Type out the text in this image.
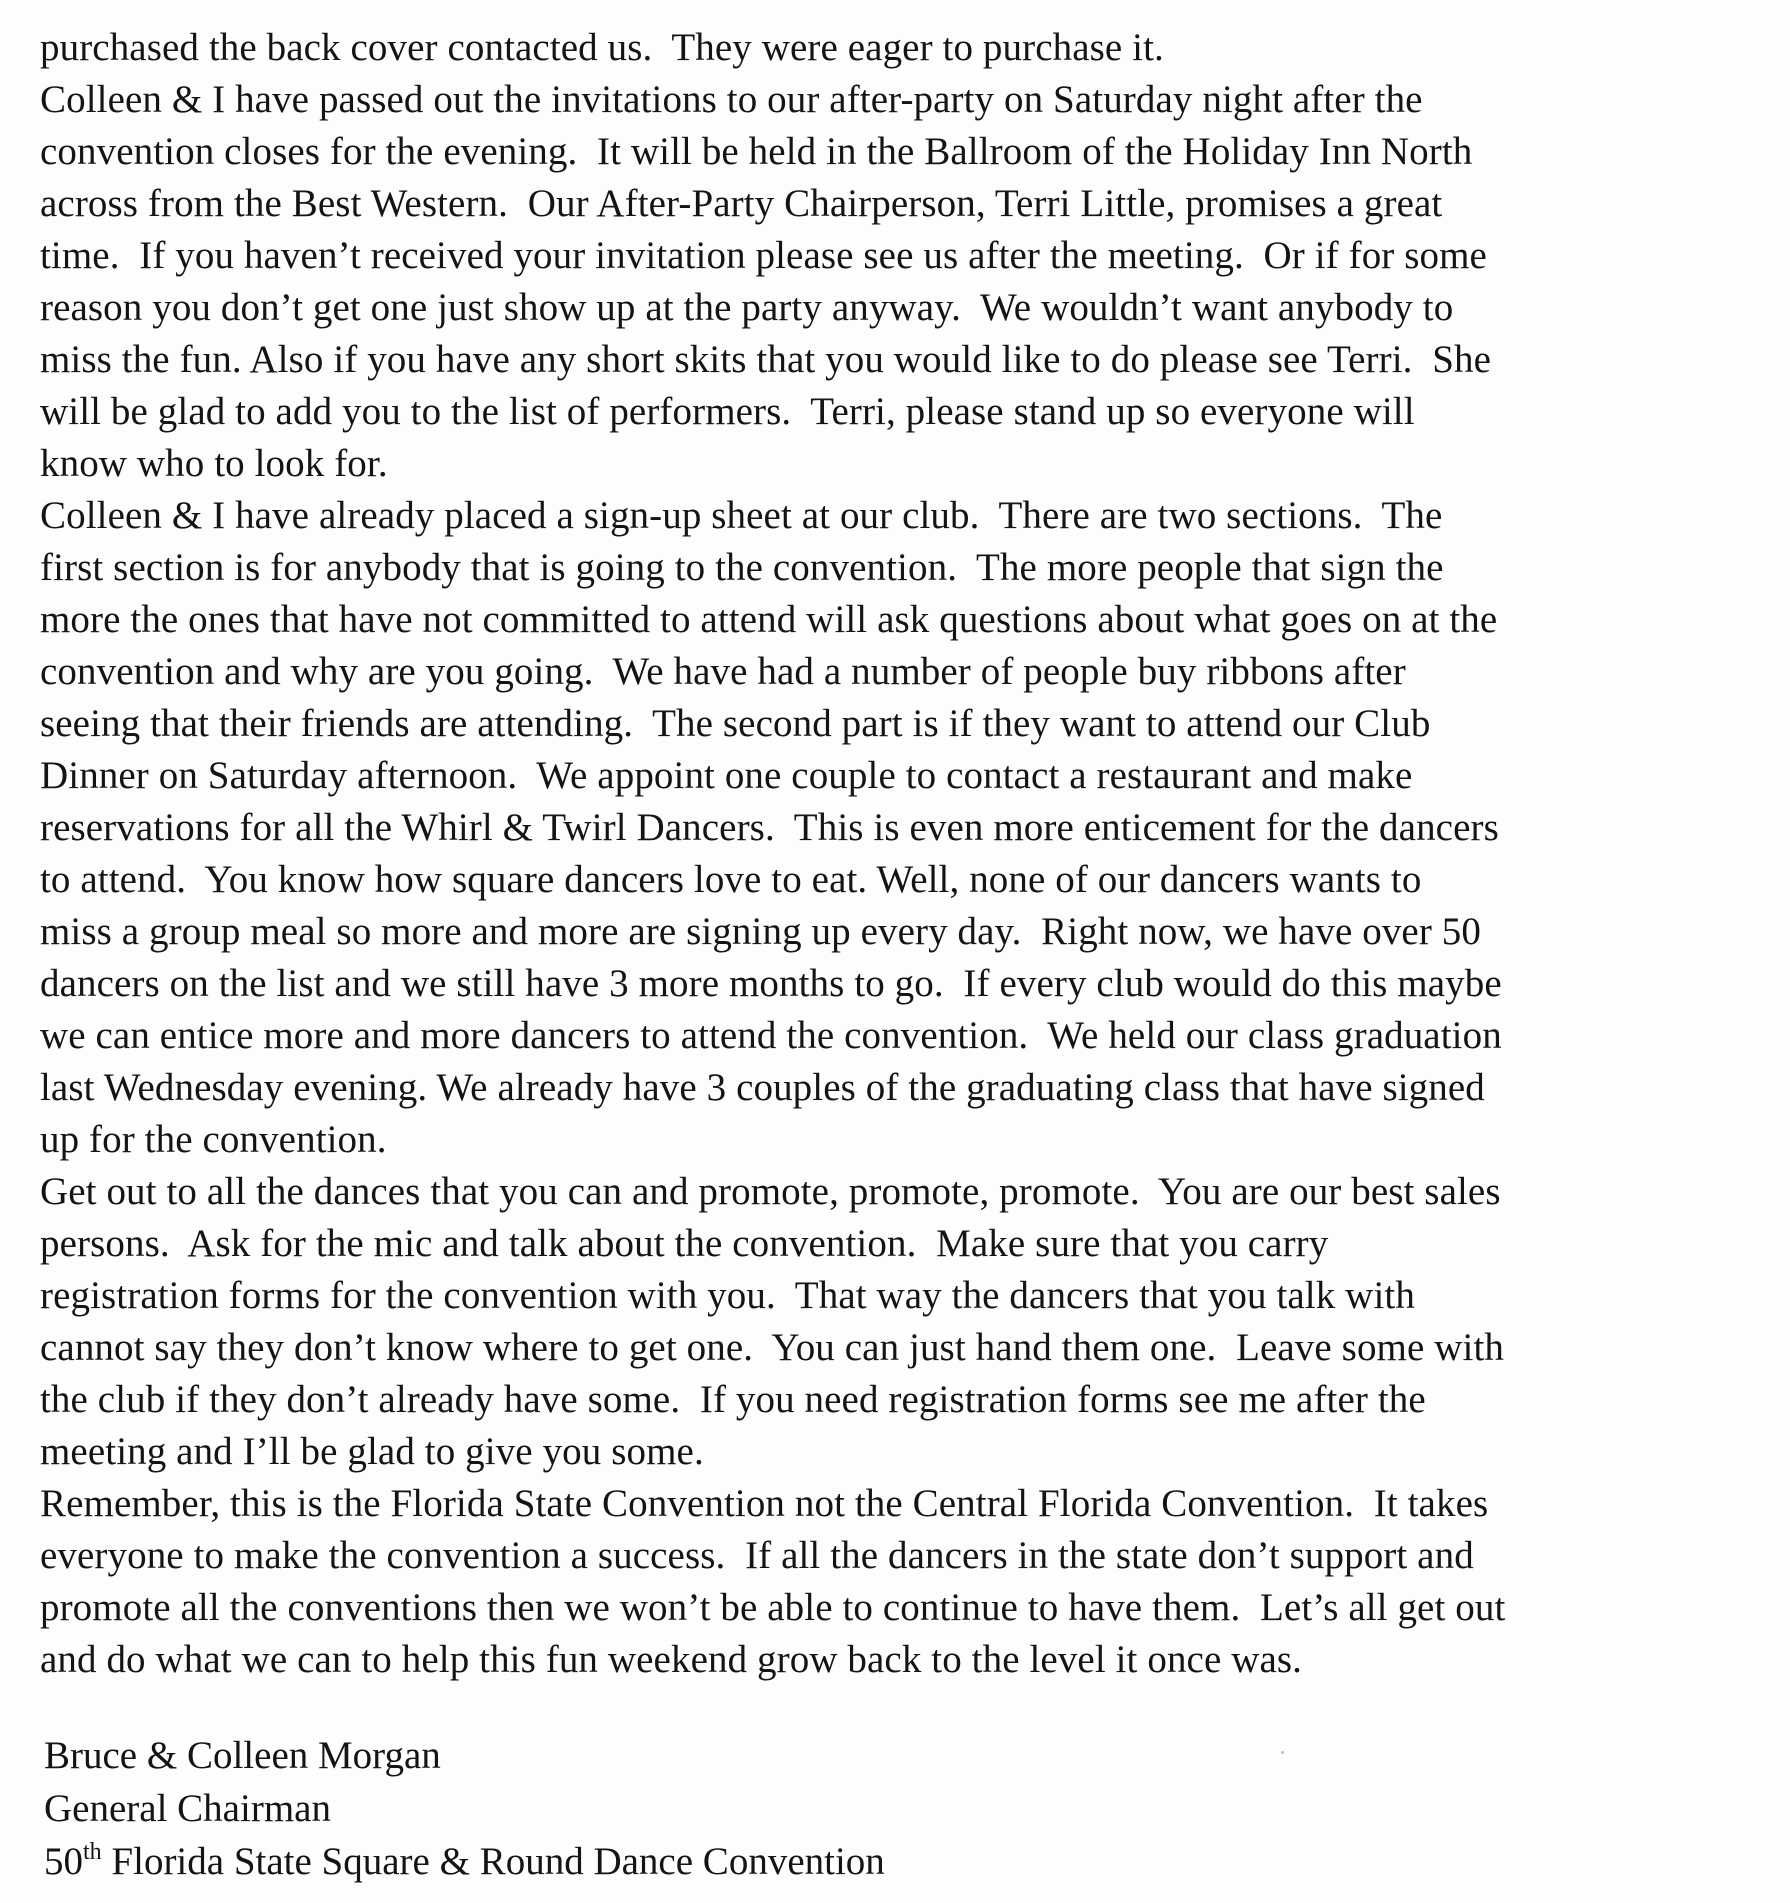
purchased the back cover contacted us.  They were eager to purchase it.
Colleen & I have passed out the invitations to our after-party on Saturday night after the
convention closes for the evening.  It will be held in the Ballroom of the Holiday Inn North
across from the Best Western.  Our After-Party Chairperson, Terri Little, promises a great
time.  If you haven’t received your invitation please see us after the meeting.  Or if for some
reason you don’t get one just show up at the party anyway.  We wouldn’t want anybody to
miss the fun. Also if you have any short skits that you would like to do please see Terri.  She
will be glad to add you to the list of performers.  Terri, please stand up so everyone will
know who to look for.
Colleen & I have already placed a sign-up sheet at our club.  There are two sections.  The
first section is for anybody that is going to the convention.  The more people that sign the
more the ones that have not committed to attend will ask questions about what goes on at the
convention and why are you going.  We have had a number of people buy ribbons after
seeing that their friends are attending.  The second part is if they want to attend our Club
Dinner on Saturday afternoon.  We appoint one couple to contact a restaurant and make
reservations for all the Whirl & Twirl Dancers.  This is even more enticement for the dancers
to attend.  You know how square dancers love to eat. Well, none of our dancers wants to
miss a group meal so more and more are signing up every day.  Right now, we have over 50
dancers on the list and we still have 3 more months to go.  If every club would do this maybe
we can entice more and more dancers to attend the convention.  We held our class graduation
last Wednesday evening. We already have 3 couples of the graduating class that have signed
up for the convention.
Get out to all the dances that you can and promote, promote, promote.  You are our best sales
persons.  Ask for the mic and talk about the convention.  Make sure that you carry
registration forms for the convention with you.  That way the dancers that you talk with
cannot say they don’t know where to get one.  You can just hand them one.  Leave some with
the club if they don’t already have some.  If you need registration forms see me after the
meeting and I’ll be glad to give you some.
Remember, this is the Florida State Convention not the Central Florida Convention.  It takes
everyone to make the convention a success.  If all the dancers in the state don’t support and
promote all the conventions then we won’t be able to continue to have them.  Let’s all get out
and do what we can to help this fun weekend grow back to the level it once was.

Bruce & Colleen Morgan

General Chairman

50th Florida State Square & Round Dance Convention
